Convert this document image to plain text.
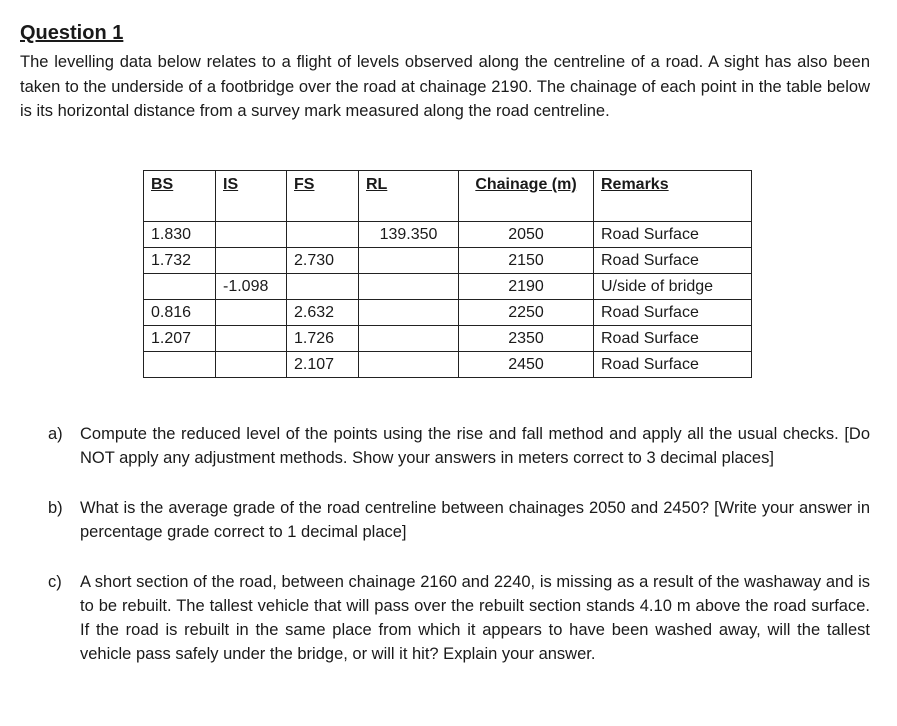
Question 1

The levelling data below relates to a flight of levels observed along the centreline of a road. A sight has also been taken to the underside of a footbridge over the road at chainage 2190. The chainage of each point in the table below is its horizontal distance from a survey mark measured along the road centreline.

BS	IS	FS	RL	Chainage (m)	Remarks
1.830			139.350	2050	Road Surface
1.732		2.730		2150	Road Surface
	-1.098			2190	U/side of bridge
0.816		2.632		2250	Road Surface
1.207		1.726		2350	Road Surface
		2.107		2450	Road Surface
a) Compute the reduced level of the points using the rise and fall method and apply all the usual checks. [Do NOT apply any adjustment methods. Show your answers in meters correct to 3 decimal places]
b) What is the average grade of the road centreline between chainages 2050 and 2450? [Write your answer in percentage grade correct to 1 decimal place]
c) A short section of the road, between chainage 2160 and 2240, is missing as a result of the washaway and is to be rebuilt. The tallest vehicle that will pass over the rebuilt section stands 4.10 m above the road surface. If the road is rebuilt in the same place from which it appears to have been washed away, will the tallest vehicle pass safely under the bridge, or will it hit? Explain your answer.
